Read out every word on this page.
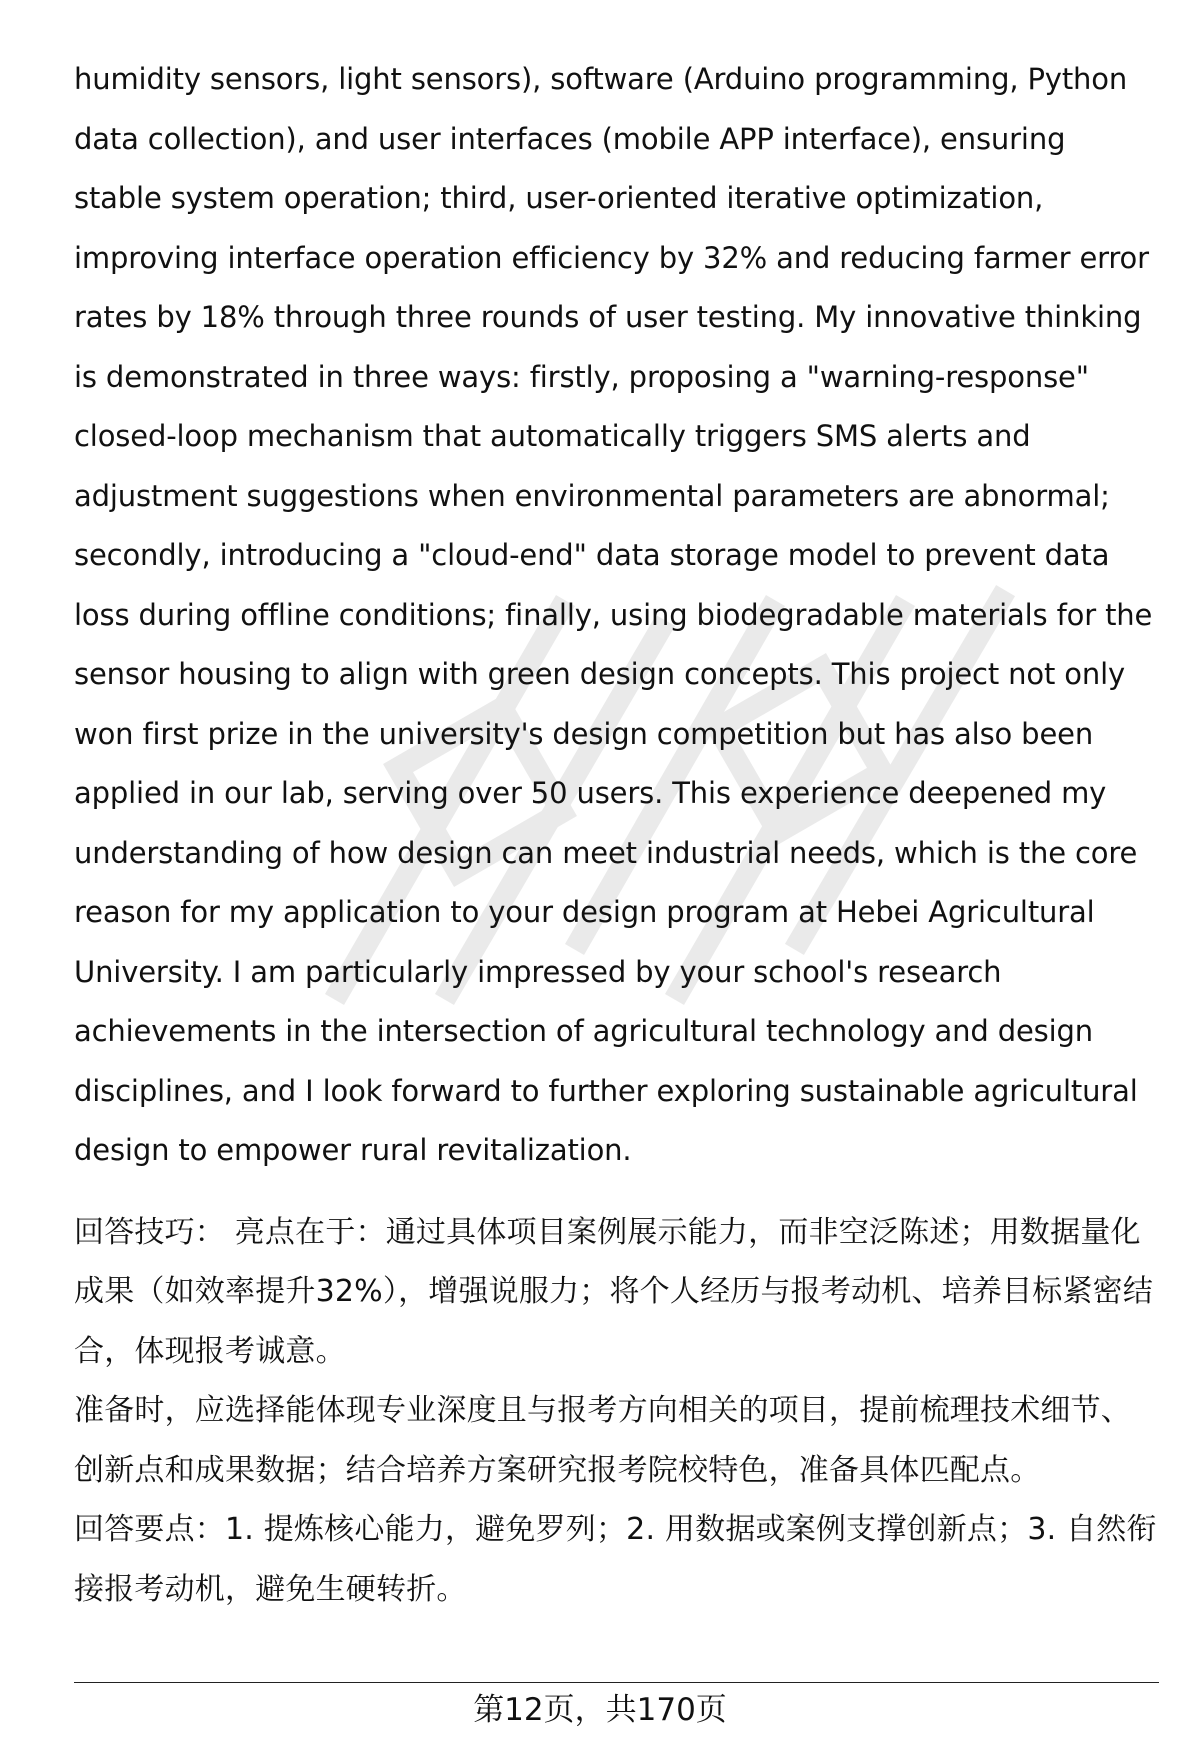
humidity sensors, light sensors), software (Arduino programming, Python data collection), and user interfaces (mobile APP interface), ensuring stable system operation; third, user-oriented iterative optimization, improving interface operation efficiency by 32% and reducing farmer error rates by 18% through three rounds of user testing. My innovative thinking is demonstrated in three ways: firstly, proposing a "warning-response" closed-loop mechanism that automatically triggers SMS alerts and adjustment suggestions when environmental parameters are abnormal; secondly, introducing a "cloud-end" data storage model to prevent data loss during offline conditions; finally, using biodegradable materials for the sensor housing to align with green design concepts. This project not only won first prize in the university's design competition but has also been applied in our lab, serving over 50 users. This experience deepened my understanding of how design can meet industrial needs, which is the core reason for my application to your design program at Hebei Agricultural University. I am particularly impressed by your school's research achievements in the intersection of agricultural technology and design disciplines, and I look forward to further exploring sustainable agricultural design to empower rural revitalization.

回答技巧： 亮点在于：通过具体项目案例展示能力，而非空泛陈述；用数据量化成果（如效率提升32%），增强说服力；将个人经历与报考动机、培养目标紧密结合，体现报考诚意。

准备时，应选择能体现专业深度且与报考方向相关的项目，提前梳理技术细节、创新点和成果数据；结合培养方案研究报考院校特色，准备具体匹配点。

回答要点：1. 提炼核心能力，避免罗列；2. 用数据或案例支撑创新点；3. 自然衔接报考动机，避免生硬转折。

第12页，共170页
